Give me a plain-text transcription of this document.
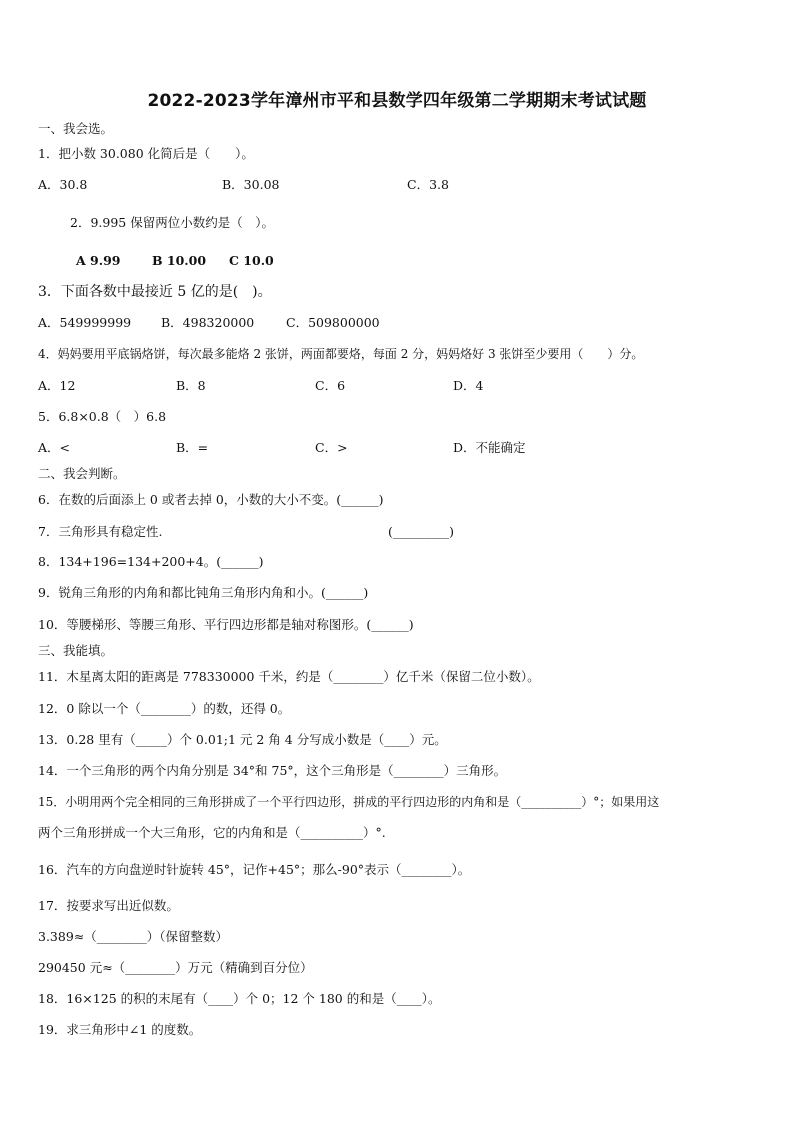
2022-2023学年漳州市平和县数学四年级第二学期期末考试试题
一、我会选。
1．把小数 30.080 化简后是（　　）。
A．30.8	B．30.08	C．3.8
2．9.995 保留两位小数约是（　）。
A 9.99	B 10.00 C 10.0
3．下面各数中最接近 5 亿的是(　)。
A．549999999 B．498320000	C．509800000
4．妈妈要用平底锅烙饼，每次最多能烙 2 张饼，两面都要烙，每面 2 分，妈妈烙好 3 张饼至少要用（　　）分。
A．12	B．8	C．6	D．4
5．6.8×0.8（　）6.8
A．<	B．=	C．>	D．不能确定
二、我会判断。
6．在数的后面添上 0 或者去掉 0，小数的大小不变。(______)
7．三角形具有稳定性.	(_________)
8．134+196=134+200+4。(______)
9．锐角三角形的内角和都比钝角三角形内角和小。(______)
10．等腰梯形、等腰三角形、平行四边形都是轴对称图形。(______)
三、我能填。
11．木星离太阳的距离是 778330000 千米，约是（________）亿千米（保留二位小数）。
12．0 除以一个（________）的数，还得 0。
13．0.28 里有（_____）个 0.01;1 元 2 角 4 分写成小数是（____）元。
14．一个三角形的两个内角分别是 34°和 75°，这个三角形是（________）三角形。
15．小明用两个完全相同的三角形拼成了一个平行四边形，拼成的平行四边形的内角和是（__________）°；如果用这
两个三角形拼成一个大三角形，它的内角和是（__________）°.
16．汽车的方向盘逆时针旋转 45°，记作+45°；那么-90°表示（________）。
17．按要求写出近似数。
3.389≈（________）（保留整数）
290450 元≈（________）万元（精确到百分位）
18．16×125 的积的末尾有（____）个 0；12 个 180 的和是（____）。
19．求三角形中∠1 的度数。
